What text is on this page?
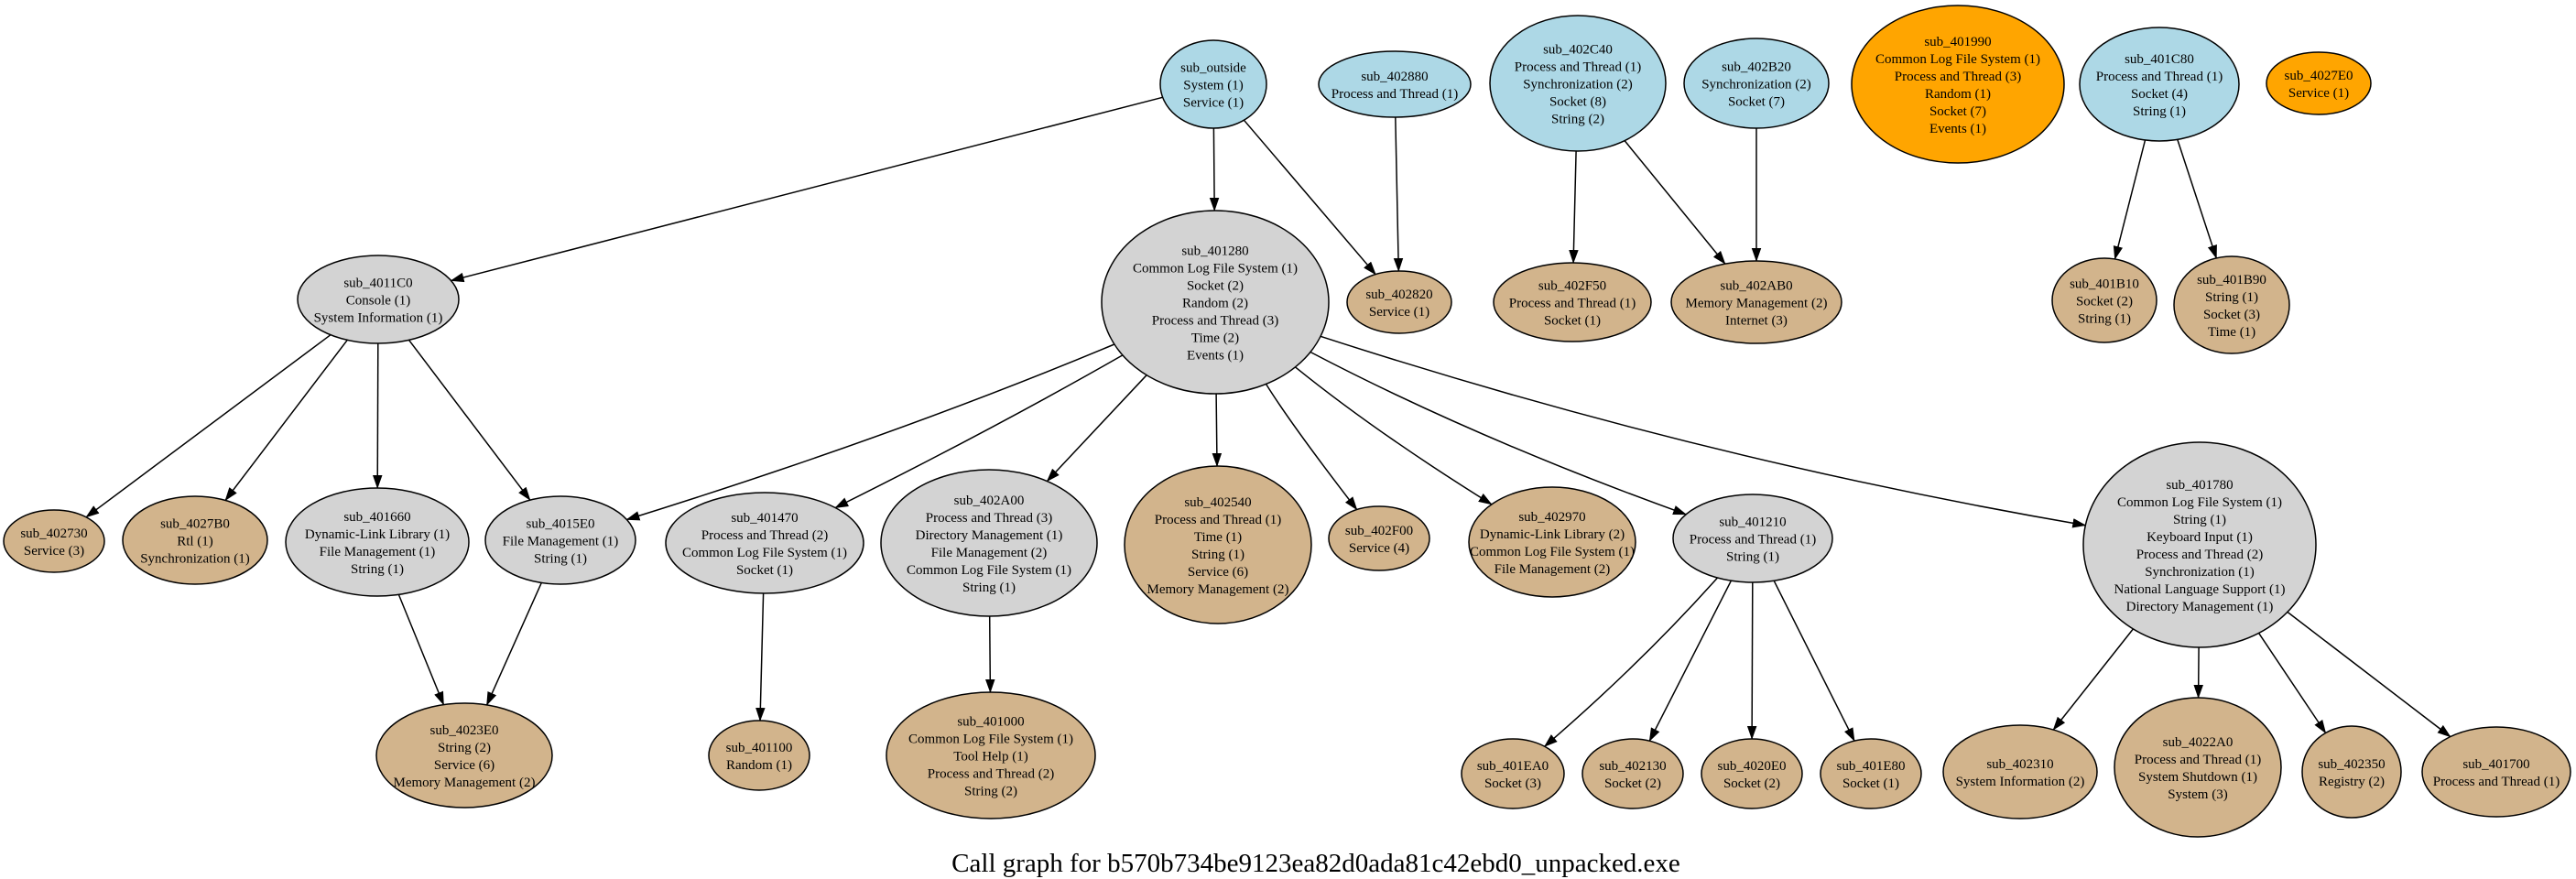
sub_outside System (1) Service (1)
sub_402880 Process and Thread (1)
sub_402C40 Process and Thread (1) Synchronization (2) Socket (8) String (2)
sub_402B20 Synchronization (2) Socket (7)
sub_401990 Common Log File System (1) Process and Thread (3) Random (1) Socket (7) Events (1)
sub_401C80 Process and Thread (1) Socket (4) String (1)
sub_4027E0 Service (1)
sub_4011C0 Console (1) System Information (1)
sub_401280 Common Log File System (1) Socket (2) Random (2) Process and Thread (3) Time (2) Events (1)
sub_402820 Service (1)
sub_402F50 Process and Thread (1) Socket (1)
sub_402AB0 Memory Management (2) Internet (3)
sub_401B10 Socket (2) String (1)
sub_401B90 String (1) Socket (3) Time (1)
sub_402730 Service (3)
sub_4027B0 Rtl (1) Synchronization (1)
sub_401660 Dynamic-Link Library (1) File Management (1) String (1)
sub_4015E0 File Management (1) String (1)
sub_401470 Process and Thread (2) Common Log File System (1) Socket (1)
sub_402A00 Process and Thread (3) Directory Management (1) File Management (2) Common Log File System (1) String (1)
sub_402540 Process and Thread (1) Time (1) String (1) Service (6) Memory Management (2)
sub_402F00 Service (4)
sub_402970 Dynamic-Link Library (2) Common Log File System (1) File Management (2)
sub_401210 Process and Thread (1) String (1)
sub_401780 Common Log File System (1) String (1) Keyboard Input (1) Process and Thread (2) Synchronization (1) National Language Support (1) Directory Management (1)
sub_4023E0 String (2) Service (6) Memory Management (2)
sub_401100 Random (1)
sub_401000 Common Log File System (1) Tool Help (1) Process and Thread (2) String (2)
sub_401EA0 Socket (3)
sub_402130 Socket (2)
sub_4020E0 Socket (2)
sub_401E80 Socket (1)
sub_402310 System Information (2)
sub_4022A0 Process and Thread (1) System Shutdown (1) System (3)
sub_402350 Registry (2)
sub_401700 Process and Thread (1)
Call graph for b570b734be9123ea82d0ada81c42ebd0_unpacked.exe
